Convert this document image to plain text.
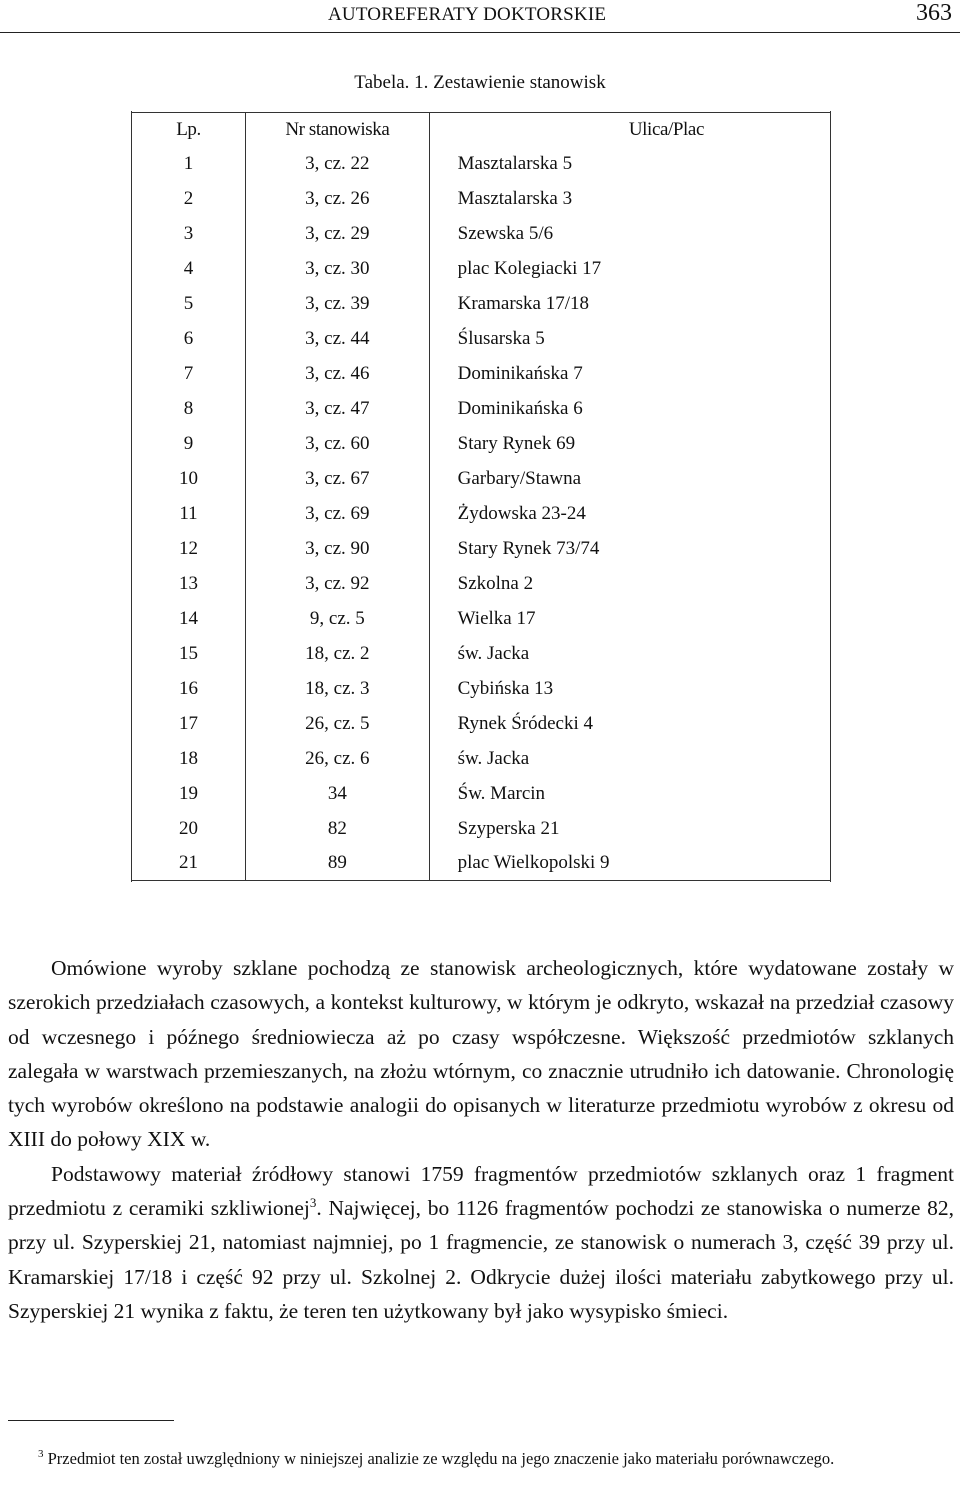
AUTOREFERATY DOKTORSKIE	363
Tabela. 1. Zestawienie stanowisk
Lp.	Nr stanowiska	Ulica/Plac
1	3, cz. 22	Masztalarska 5
2	3, cz. 26	Masztalarska 3
3	3, cz. 29	Szewska 5/6
4	3, cz. 30	plac Kolegiacki 17
5	3, cz. 39	Kramarska 17/18
6	3, cz. 44	Ślusarska 5
7	3, cz. 46	Dominikańska 7
8	3, cz. 47	Dominikańska 6
9	3, cz. 60	Stary Rynek 69
10	3, cz. 67	Garbary/Stawna
11	3, cz. 69	Żydowska 23-24
12	3, cz. 90	Stary Rynek 73/74
13	3, cz. 92	Szkolna 2
14	9, cz. 5	Wielka 17
15	18, cz. 2	św. Jacka
16	18, cz. 3	Cybińska 13
17	26, cz. 5	Rynek Śródecki 4
18	26, cz. 6	św. Jacka
19	34	Św. Marcin
20	82	Szyperska 21
21	89	plac Wielkopolski 9

Omówione wyroby szklane pochodzą ze stanowisk archeologicznych, które wydatowane zostały w szerokich przedziałach czasowych, a kontekst kulturowy, w którym je odkryto, wskazał na przedział czasowy od wczesnego i późnego średniowiecza aż po czasy współczesne. Większość przedmiotów szklanych zalegała w warstwach przemieszanych, na złożu wtórnym, co znacznie utrudniło ich datowanie. Chronologię tych wyrobów określono na podstawie analogii do opisanych w literaturze przedmiotu wyrobów z okresu od XIII do połowy XIX w.

Podstawowy materiał źródłowy stanowi 1759 fragmentów przedmiotów szklanych oraz 1 fragment przedmiotu z ceramiki szkliwionej$^3$. Najwięcej, bo 1126 fragmentów pochodzi ze stanowiska o numerze 82, przy ul. Szyperskiej 21, natomiast najmniej, po 1 fragmencie, ze stanowisk o numerach 3, część 39 przy ul. Kramarskiej 17/18 i część 92 przy ul. Szkolnej 2. Odkrycie dużej ilości materiału zabytkowego przy ul. Szyperskiej 21 wynika z faktu, że teren ten użytkowany był jako wysypisko śmieci.

$^3$ Przedmiot ten został uwzględniony w niniejszej analizie ze względu na jego znaczenie jako materiału porównawczego.
